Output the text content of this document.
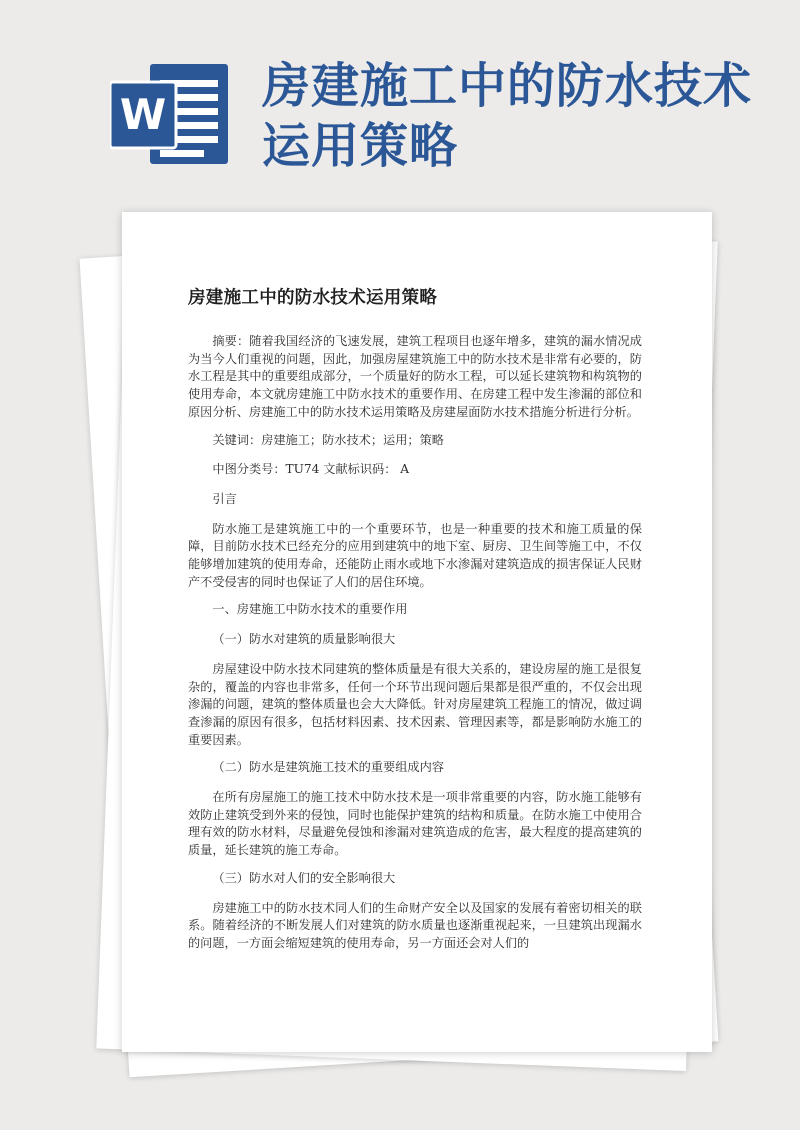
W
房建施工中的防水技术
运用策略
房建施工中的防水技术运用策略

摘要：随着我国经济的飞速发展，建筑工程项目也逐年增多，建筑的漏水情况成为当今人们重视的问题，因此，加强房屋建筑施工中的防水技术是非常有必要的，防水工程是其中的重要组成部分，一个质量好的防水工程，可以延长建筑物和构筑物的使用寿命，本文就房建施工中防水技术的重要作用、在房建工程中发生渗漏的部位和原因分析、房建施工中的防水技术运用策略及房建屋面防水技术措施分析进行分析。

关键词：房建施工；防水技术；运用；策略

中图分类号：TU74 文献标识码： A

引言

防水施工是建筑施工中的一个重要环节，也是一种重要的技术和施工质量的保障，目前防水技术已经充分的应用到建筑中的地下室、厨房、卫生间等施工中，不仅能够增加建筑的使用寿命，还能防止雨水或地下水渗漏对建筑造成的损害保证人民财产不受侵害的同时也保证了人们的居住环境。

一、房建施工中防水技术的重要作用

（一）防水对建筑的质量影响很大

房屋建设中防水技术同建筑的整体质量是有很大关系的，建设房屋的施工是很复杂的，覆盖的内容也非常多，任何一个环节出现问题后果都是很严重的，不仅会出现渗漏的问题，建筑的整体质量也会大大降低。针对房屋建筑工程施工的情况，做过调查渗漏的原因有很多，包括材料因素、技术因素、管理因素等，都是影响防水施工的重要因素。

（二）防水是建筑施工技术的重要组成内容

在所有房屋施工的施工技术中防水技术是一项非常重要的内容，防水施工能够有效防止建筑受到外来的侵蚀，同时也能保护建筑的结构和质量。在防水施工中使用合理有效的防水材料，尽量避免侵蚀和渗漏对建筑造成的危害，最大程度的提高建筑的质量，延长建筑的施工寿命。

（三）防水对人们的安全影响很大

房建施工中的防水技术同人们的生命财产安全以及国家的发展有着密切相关的联系。随着经济的不断发展人们对建筑的防水质量也逐渐重视起来，一旦建筑出现漏水的问题，一方面会缩短建筑的使用寿命，另一方面还会对人们的
